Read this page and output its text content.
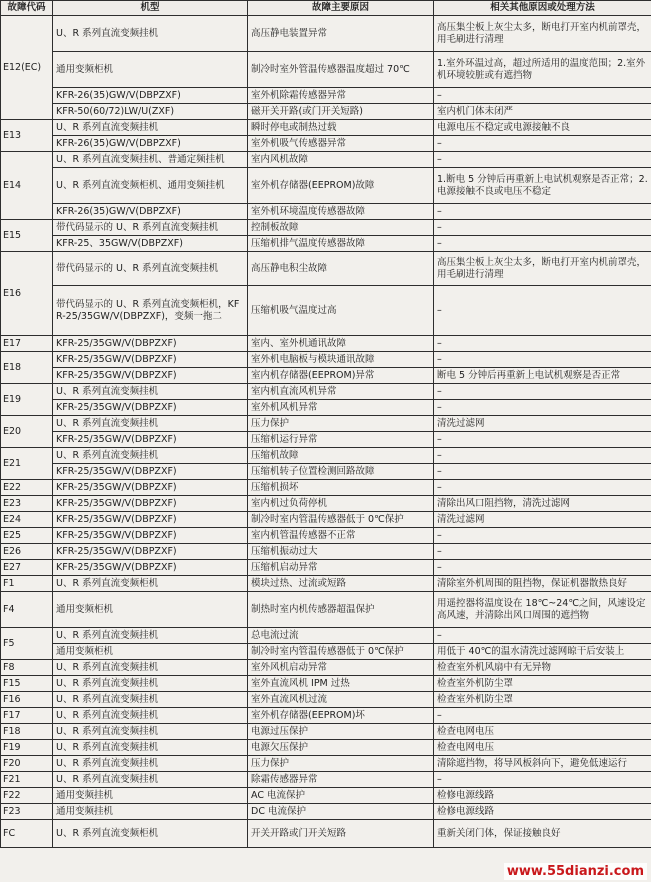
故障代码	机型	故障主要原因	相关其他原因或处理方法
E12(EC)	U、R 系列直流变频挂机	高压静电装置异常	高压集尘板上灰尘太多，断电打开室内机前罩壳，用毛刷进行清理
	通用变频柜机	制冷时室外管温传感器温度超过 70℃	1.室外环温过高，超过所适用的温度范围；2.室外机环境较脏或有遮挡物
	KFR-26(35)GW/V(DBPZXF)	室外机除霜传感器异常	–
	KFR-50(60/72)LW/U(ZXF)	磁开关开路(或门开关短路)	室内机门体未闭严
E13	U、R 系列直流变频挂机	瞬时停电或制热过载	电源电压不稳定或电源接触不良
	KFR-26(35)GW/V(DBPZXF)	室外机吸气传感器异常	–
E14	U、R 系列直流变频挂机、普通定频挂机	室内风机故障	–
	U、R 系列直流变频柜机、通用变频挂机	室外机存储器(EEPROM)故障	1.断电 5 分钟后再重新上电试机观察是否正常；2.电源接触不良或电压不稳定
	KFR-26(35)GW/V(DBPZXF)	室外机环境温度传感器故障	–
E15	带代码显示的 U、R 系列直流变频挂机	控制板故障	–
	KFR-25、35GW/V(DBPZXF)	压缩机排气温度传感器故障	–
E16	带代码显示的 U、R 系列直流变频挂机	高压静电积尘故障	高压集尘板上灰尘太多，断电打开室内机前罩壳，用毛刷进行清理
	带代码显示的 U、R 系列直流变频柜机，KFR-25/35GW/V(DBPZXF)，变频一拖二	压缩机吸气温度过高	–
E17	KFR-25/35GW/V(DBPZXF)	室内、室外机通讯故障	–
E18	KFR-25/35GW/V(DBPZXF)	室外机电脑板与模块通讯故障	–
	KFR-25/35GW/V(DBPZXF)	室内机存储器(EEPROM)异常	断电 5 分钟后再重新上电试机观察是否正常
E19	U、R 系列直流变频挂机	室内机直流风机异常	–
	KFR-25/35GW/V(DBPZXF)	室外机风机异常	–
E20	U、R 系列直流变频挂机	压力保护	清洗过滤网
	KFR-25/35GW/V(DBPZXF)	压缩机运行异常	–
E21	U、R 系列直流变频挂机	压缩机故障	–
	KFR-25/35GW/V(DBPZXF)	压缩机转子位置检测回路故障	–
E22	KFR-25/35GW/V(DBPZXF)	压缩机损坏	–
E23	KFR-25/35GW/V(DBPZXF)	室内机过负荷停机	清除出风口阻挡物，清洗过滤网
E24	KFR-25/35GW/V(DBPZXF)	制冷时室内管温传感器低于 0℃保护	清洗过滤网
E25	KFR-25/35GW/V(DBPZXF)	室内机管温传感器不正常	–
E26	KFR-25/35GW/V(DBPZXF)	压缩机振动过大	–
E27	KFR-25/35GW/V(DBPZXF)	压缩机启动异常	–
F1	U、R 系列直流变频柜机	模块过热、过流或短路	清除室外机周围的阻挡物，保证机器散热良好
F4	通用变频柜机	制热时室内机传感器超温保护	用遥控器将温度设在 18℃~24℃之间，风速设定高风速，并清除出风口周围的遮挡物
F5	U、R 系列直流变频挂机	总电流过流	–
	通用变频柜机	制冷时室内管温传感器低于 0℃保护	用低于 40℃的温水清洗过滤网晾干后安装上
F8	U、R 系列直流变频挂机	室外风机启动异常	检查室外机风扇中有无异物
F15	U、R 系列直流变频挂机	室外直流风机 IPM 过热	检查室外机防尘罩
F16	U、R 系列直流变频挂机	室外直流风机过流	检查室外机防尘罩
F17	U、R 系列直流变频挂机	室外机存储器(EEPROM)坏	–
F18	U、R 系列直流变频挂机	电源过压保护	检查电网电压
F19	U、R 系列直流变频挂机	电源欠压保护	检查电网电压
F20	U、R 系列直流变频挂机	压力保护	清除遮挡物，将导风板斜向下，避免低速运行
F21	U、R 系列直流变频挂机	除霜传感器异常	–
F22	通用变频挂机	AC 电流保护	检修电源线路
F23	通用变频挂机	DC 电流保护	检修电源线路
FC	U、R 系列直流变频柜机	开关开路或门开关短路	重新关闭门体，保证接触良好
www.55dianzi.com
